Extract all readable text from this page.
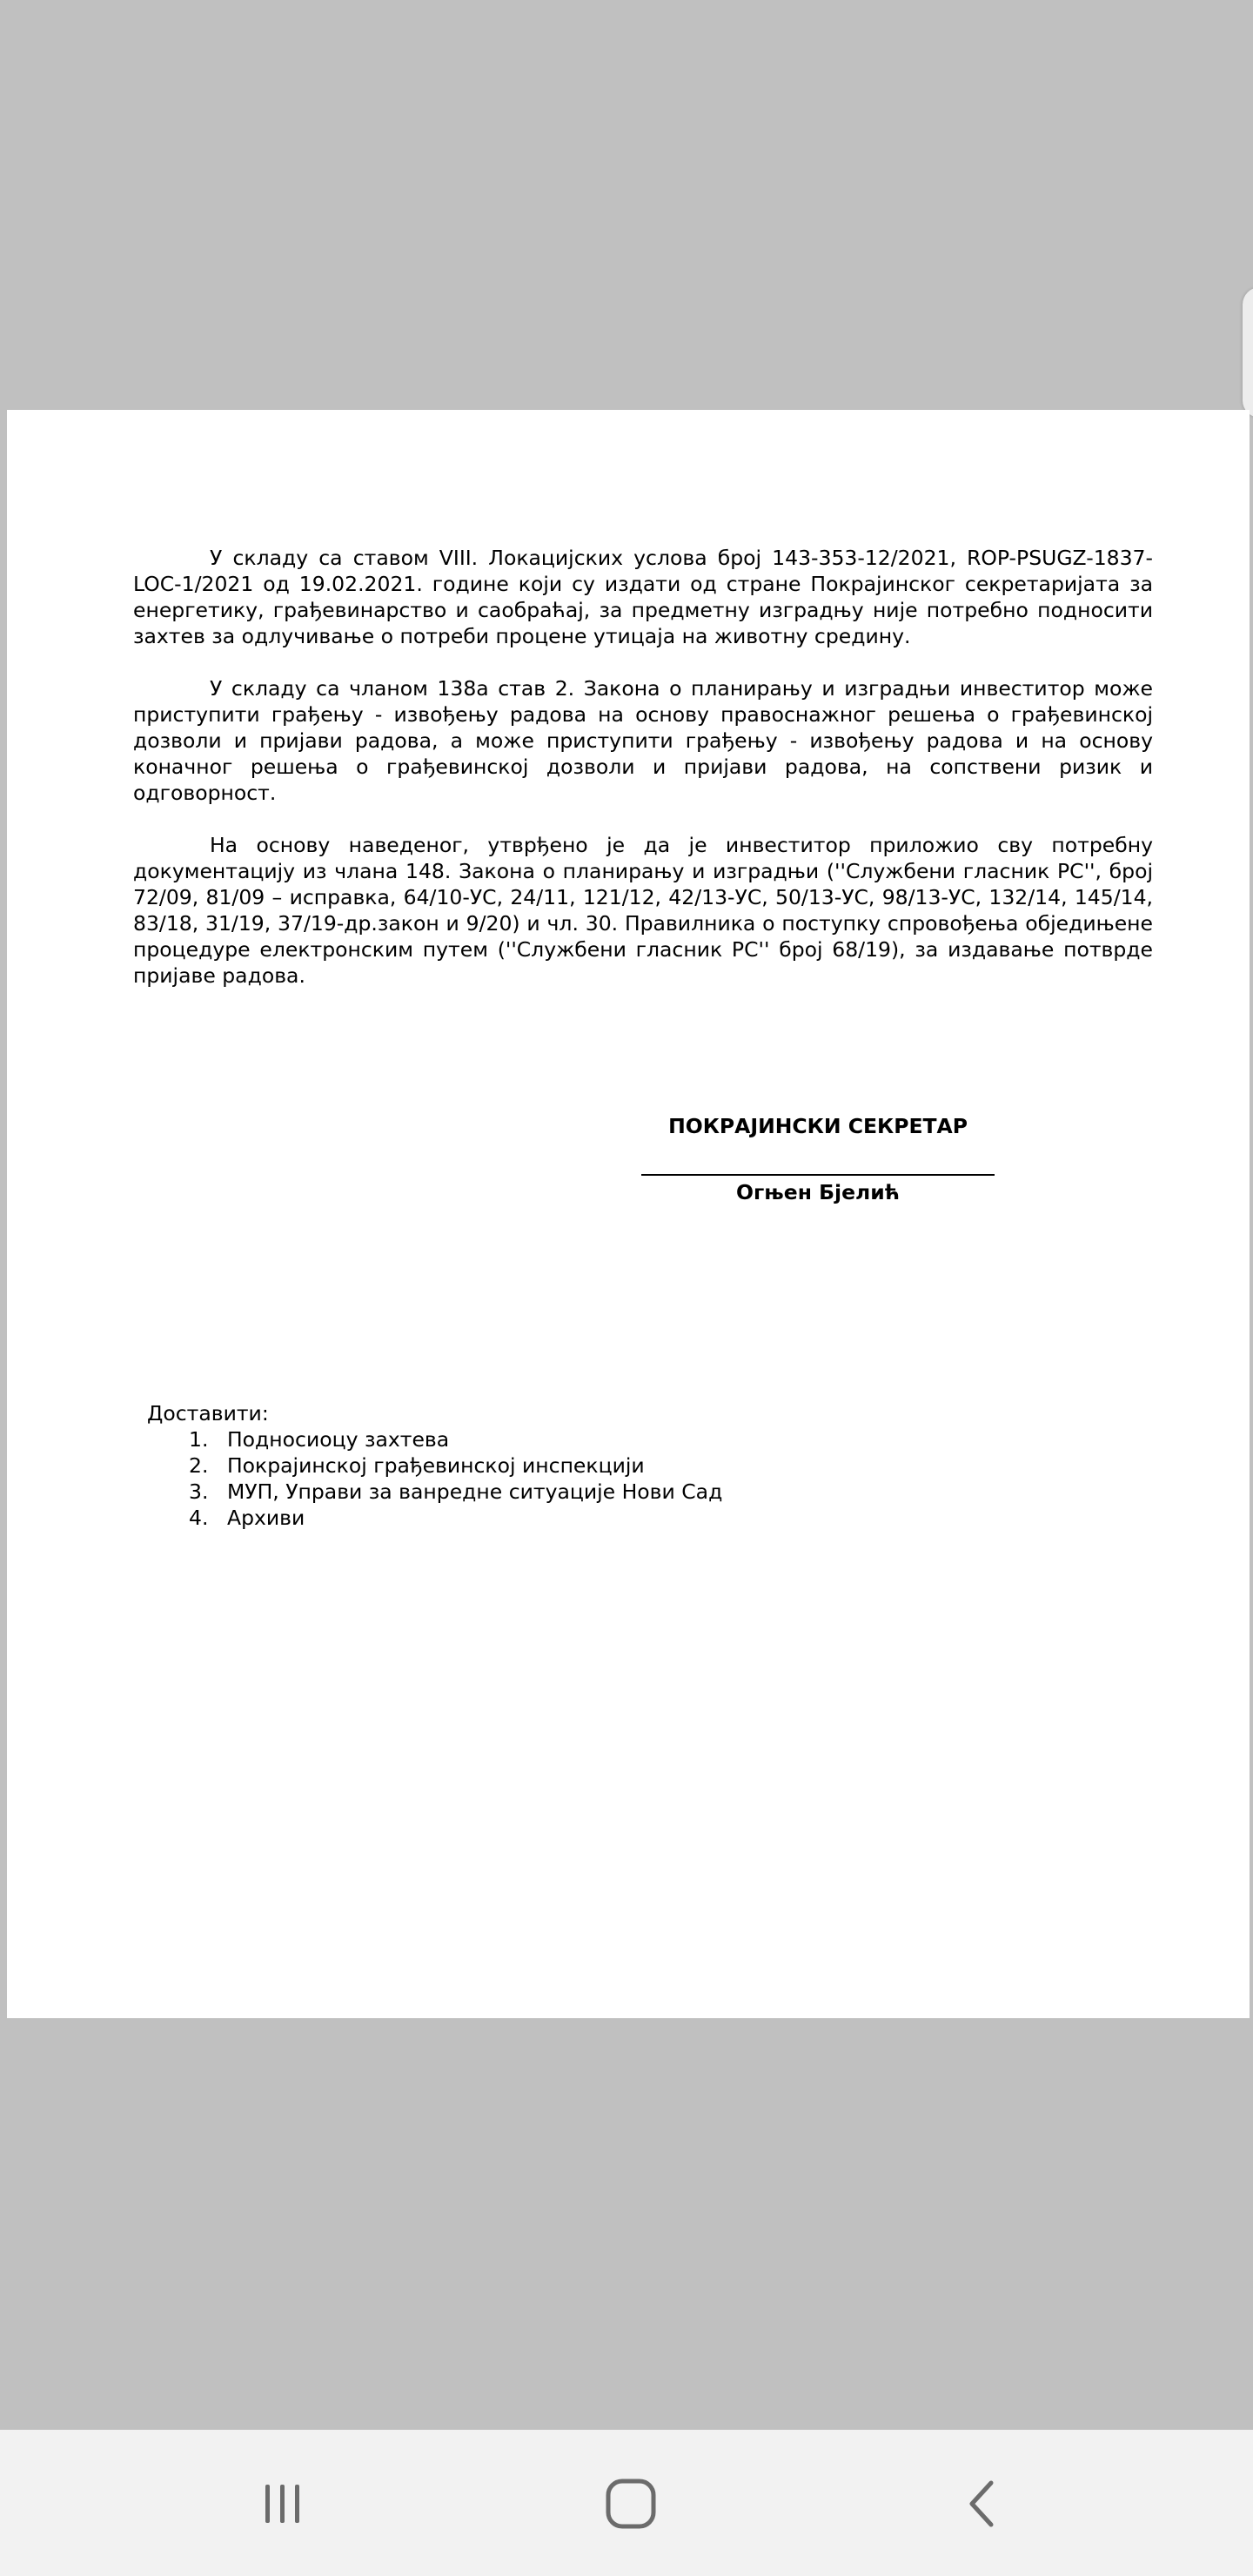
У складу са ставом VIII. Локацијских услова број 143-353-12/2021, ROP-PSUGZ-1837-LOC-1/2021 од 19.02.2021. године који су издати од стране Покрајинског секретаријата за енергетику, грађевинарство и саобраћај, за предметну изградњу није потребно подносити захтев за одлучивање о потреби процене утицаја на животну средину.

У складу са чланом 138а став 2. Закона о планирању и изградњи инвеститор може приступити грађењу - извођењу радова на основу правоснажног решења о грађевинској дозволи и пријави радова, а може приступити грађењу - извођењу радова и на основу коначног решења о грађевинској дозволи и пријави радова, на сопствени ризик и одговорност.

На основу наведеног, утврђено је да је инвеститор приложио сву потребну документацију из члана 148. Закона о планирању и изградњи (''Службени гласник РС'', број 72/09, 81/09 – исправка, 64/10-УС, 24/11, 121/12, 42/13-УС, 50/13-УС, 98/13-УС, 132/14, 145/14, 83/18, 31/19, 37/19-др.закон и 9/20) и чл. 30. Правилника о поступку спровођења обједињене процедуре електронским путем (''Службени гласник РС'' број 68/19), за издавање потврде пријаве радова.

ПОКРАЈИНСКИ СЕКРЕТАР
Огњен Бјелић
Доставити:
1. Подносиоцу захтева
2. Покрајинској грађевинској инспекцији
3. МУП, Управи за ванредне ситуације Нови Сад
4. Архиви
